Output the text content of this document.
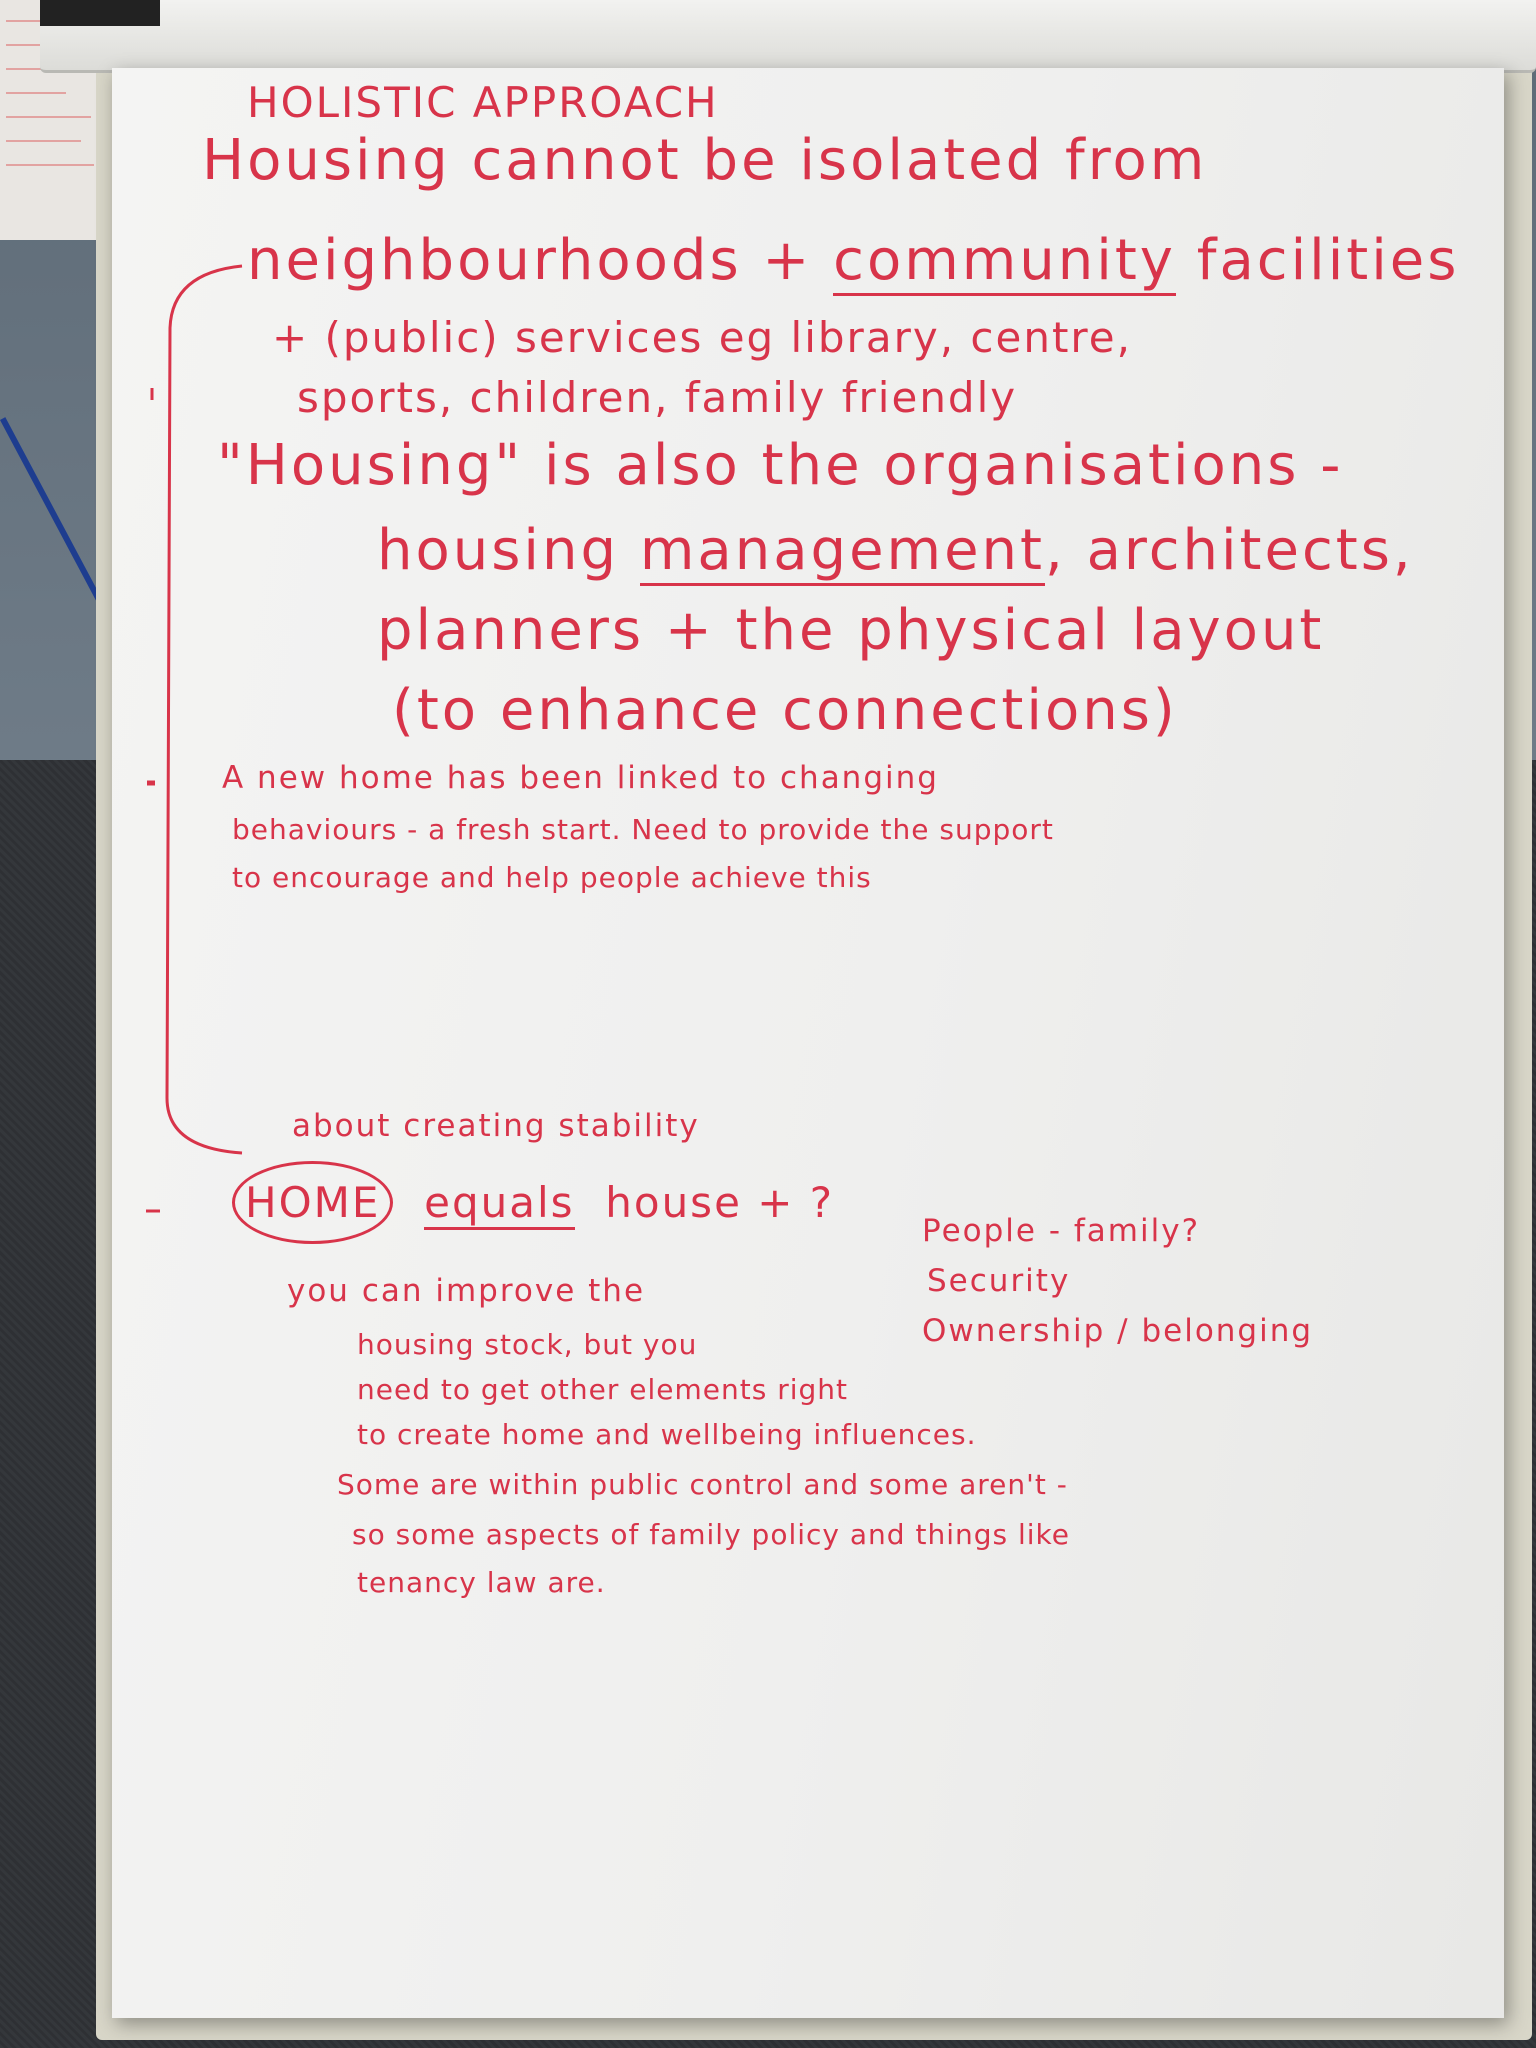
HOLISTIC APPROACH
Housing cannot be isolated from
neighbourhoods + community facilities
+ (public) services eg library, centre,
sports, children, family friendly
"Housing" is also the organisations -
housing management, architects,
planners + the physical layout
(to enhance connections)
A new home has been linked to changing
behaviours - a fresh start. Need to provide the support
to encourage and help people achieve this
about creating stability
HOME equals house + ?
People - family?
Security
Ownership / belonging
you can improve the
housing stock, but you
need to get other elements right
to create home and wellbeing influences.
Some are within public control and some aren't -
so some aspects of family policy and things like
tenancy law are.
